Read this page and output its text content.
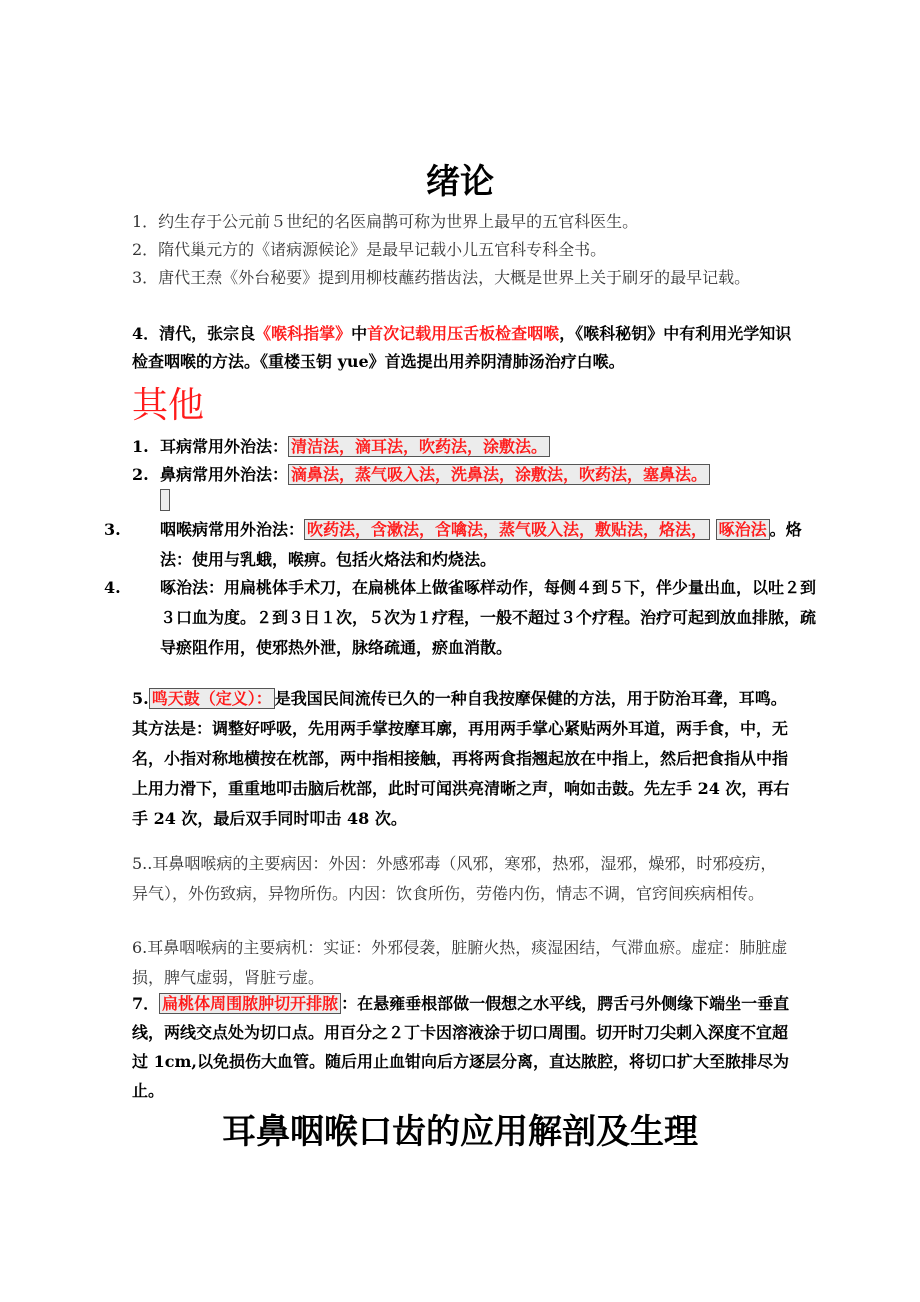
绪论
1．约生存于公元前５世纪的名医扁鹊可称为世界上最早的五官科医生。
2．隋代巢元方的《诸病源候论》是最早记载小儿五官科专科全书。
3．唐代王焘《外台秘要》提到用柳枝蘸药揩齿法，大概是世界上关于刷牙的最早记载。
4．清代，张宗良《喉科指掌》中首次记载用压舌板检查咽喉，《喉科秘钥》中有利用光学知识检查咽喉的方法。《重楼玉钥 yue》首选提出用养阴清肺汤治疗白喉。
其他
1. 耳病常用外治法： 清洁法，滴耳法，吹药法，涂敷法。
2. 鼻病常用外治法： 滴鼻法，蒸气吸入法，洗鼻法，涂敷法，吹药法，塞鼻法。
3. 咽喉病常用外治法： 吹药法，含漱法，含噙法，蒸气吸入法，敷贴法，烙法， 啄治法 。烙法：使用与乳蛾，喉痹。包括火烙法和灼烧法。
4. 啄治法：用扁桃体手术刀，在扁桃体上做雀啄样动作，每侧４到５下，伴少量出血，以吐２到３口血为度。２到３日１次，５次为１疗程，一般不超过３个疗程。治疗可起到放血排脓，疏导瘀阻作用，使邪热外泄，脉络疏通，瘀血消散。
5. 鸣天鼓（定义）： 是我国民间流传已久的一种自我按摩保健的方法，用于防治耳聋，耳鸣。其方法是：调整好呼吸，先用两手掌按摩耳廓，再用两手掌心紧贴两外耳道，两手食，中，无名，小指对称地横按在枕部，两中指相接触，再将两食指翘起放在中指上，然后把食指从中指上用力滑下，重重地叩击脑后枕部，此时可闻洪亮清晰之声，响如击鼓。先左手 24 次，再右手 24 次，最后双手同时叩击 48 次。
5..耳鼻咽喉病的主要病因：外因：外感邪毒（风邪，寒邪，热邪，湿邪，燥邪，时邪疫疠，异气），外伤致病，异物所伤。内因：饮食所伤，劳倦内伤，情志不调，官窍间疾病相传。
6.耳鼻咽喉病的主要病机：实证：外邪侵袭，脏腑火热，痰湿困结，气滞血瘀。虚症：肺脏虚损，脾气虚弱，肾脏亏虚。
7． 扁桃体周围脓肿切开排脓 ：在悬雍垂根部做一假想之水平线，腭舌弓外侧缘下端坐一垂直线，两线交点处为切口点。用百分之２丁卡因溶液涂于切口周围。切开时刀尖刺入深度不宜超过 1cm,以免损伤大血管。随后用止血钳向后方逐层分离，直达脓腔，将切口扩大至脓排尽为止。
耳鼻咽喉口齿的应用解剖及生理
